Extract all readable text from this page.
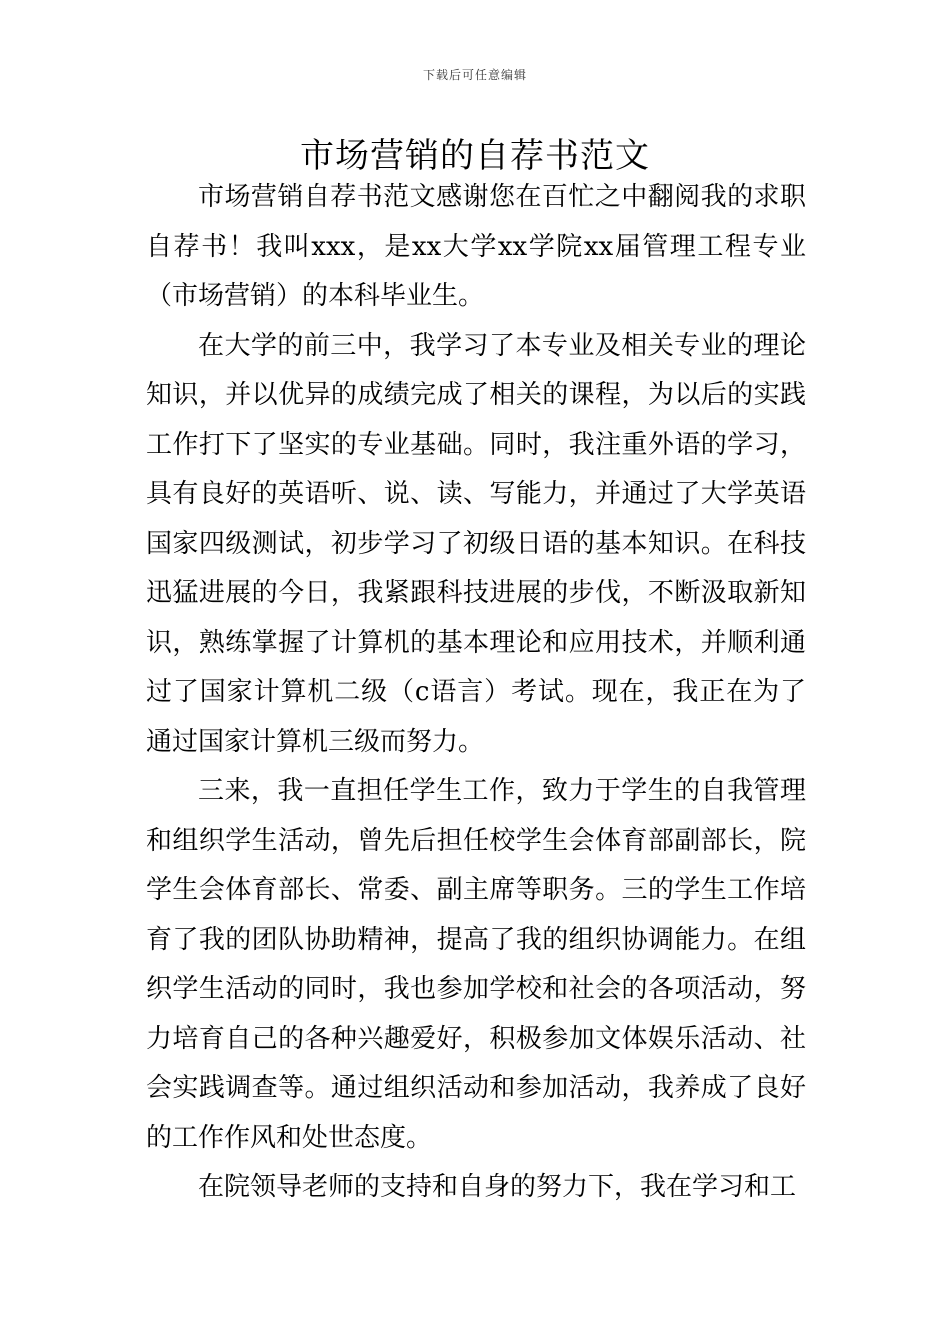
下载后可任意编辑
市场营销的自荐书范文

市场营销自荐书范文感谢您在百忙之中翻阅我的求职自荐书！我叫xxx，是xx大学xx学院xx届管理工程专业（市场营销）的本科毕业生。

在大学的前三中，我学习了本专业及相关专业的理论知识，并以优异的成绩完成了相关的课程，为以后的实践工作打下了坚实的专业基础。同时，我注重外语的学习，具有良好的英语听、说、读、写能力，并通过了大学英语国家四级测试，初步学习了初级日语的基本知识。在科技迅猛进展的今日，我紧跟科技进展的步伐，不断汲取新知识，熟练掌握了计算机的基本理论和应用技术，并顺利通过了国家计算机二级（c语言）考试。现在，我正在为了通过国家计算机三级而努力。

三来，我一直担任学生工作，致力于学生的自我管理和组织学生活动，曾先后担任校学生会体育部副部长，院学生会体育部长、常委、副主席等职务。三的学生工作培育了我的团队协助精神，提高了我的组织协调能力。在组织学生活动的同时，我也参加学校和社会的各项活动，努力培育自己的各种兴趣爱好，积极参加文体娱乐活动、社会实践调查等。通过组织活动和参加活动，我养成了良好的工作作风和处世态度。

在院领导老师的支持和自身的努力下，我在学习和工
